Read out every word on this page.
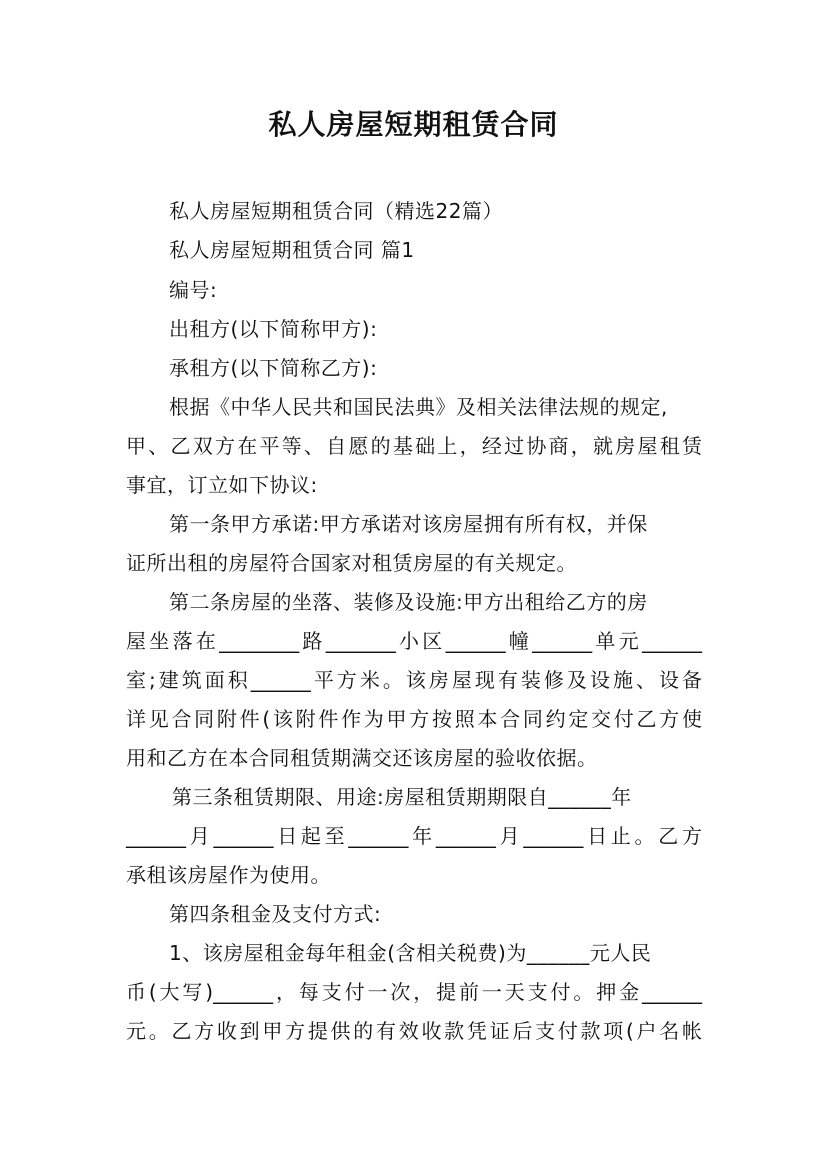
私人房屋短期租赁合同

私人房屋短期租赁合同（精选22篇）

私人房屋短期租赁合同 篇1

编号:

出租方(以下简称甲方):

承租方(以下简称乙方):

根据《中华人民共和国民法典》及相关法律法规的规定,

甲、乙双方在平等、自愿的基础上，经过协商，就房屋租赁

事宜，订立如下协议:

第一条甲方承诺:甲方承诺对该房屋拥有所有权，并保

证所出租的房屋符合国家对租赁房屋的有关规定。

第二条房屋的坐落、装修及设施:甲方出租给乙方的房

屋坐落在________路_______小区______幢______单元______

室;建筑面积______平方米。该房屋现有装修及设施、设备

详见合同附件(该附件作为甲方按照本合同约定交付乙方使

用和乙方在本合同租赁期满交还该房屋的验收依据。

第三条租赁期限、用途:房屋租赁期期限自______年

______月______日起至______年______月______日止。乙方

承租该房屋作为使用。

第四条租金及支付方式:

1、该房屋租金每年租金(含相关税费)为______元人民

币(大写)______，每支付一次，提前一天支付。押金______

元。乙方收到甲方提供的有效收款凭证后支付款项(户名帐
